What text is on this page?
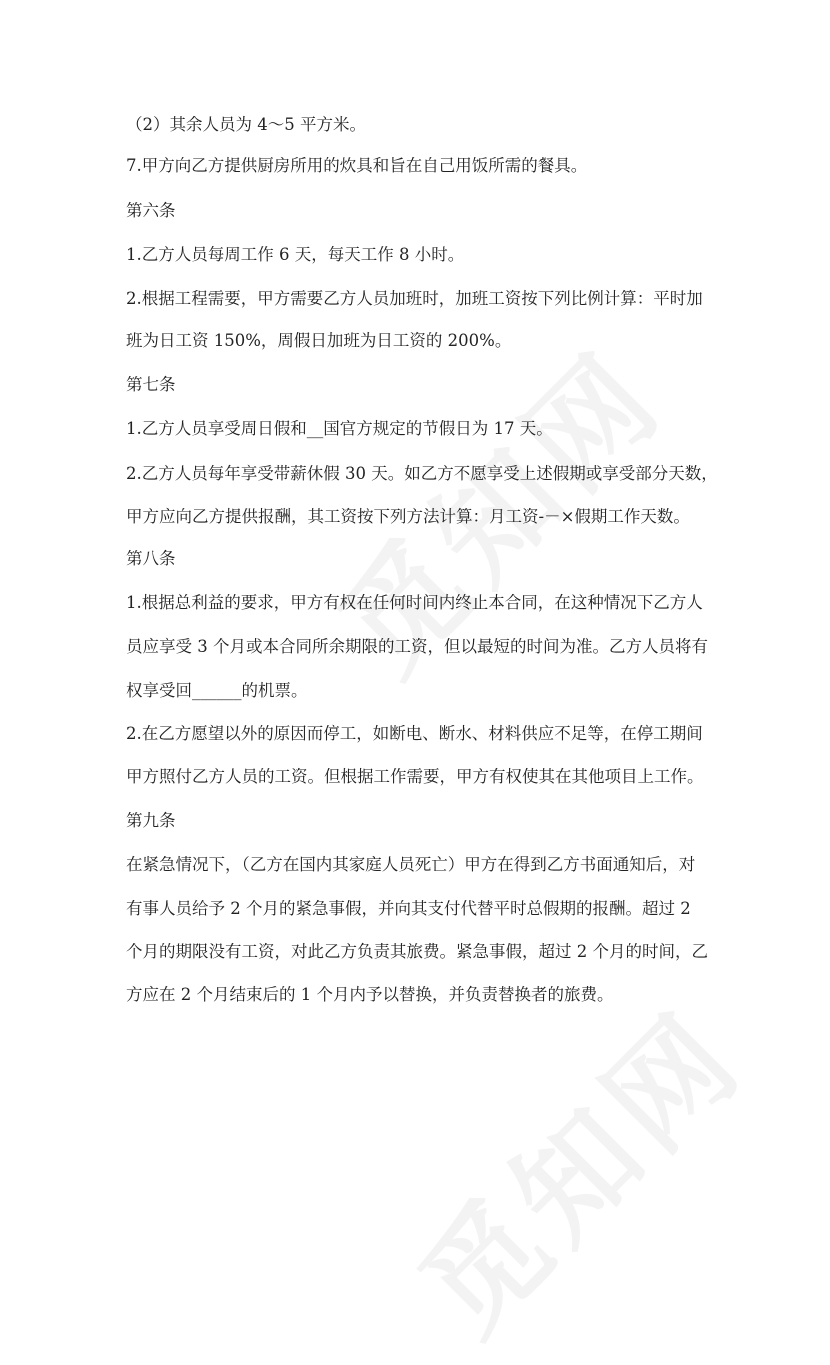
（2）其余人员为 4～5 平方米。

7.甲方向乙方提供厨房所用的炊具和旨在自己用饭所需的餐具。

第六条

1.乙方人员每周工作 6 天，每天工作 8 小时。

2.根据工程需要，甲方需要乙方人员加班时，加班工资按下列比例计算：平时加

班为日工资 150%，周假日加班为日工资的 200%。

第七条

1.乙方人员享受周日假和__国官方规定的节假日为 17 天。

2.乙方人员每年享受带薪休假 30 天。如乙方不愿享受上述假期或享受部分天数，

甲方应向乙方提供报酬，其工资按下列方法计算：月工资-－×假期工作天数。

第八条

1.根据总利益的要求，甲方有权在任何时间内终止本合同，在这种情况下乙方人

员应享受 3 个月或本合同所余期限的工资，但以最短的时间为准。乙方人员将有

权享受回______的机票。

2.在乙方愿望以外的原因而停工，如断电、断水、材料供应不足等，在停工期间

甲方照付乙方人员的工资。但根据工作需要，甲方有权使其在其他项目上工作。

第九条

在紧急情况下，（乙方在国内其家庭人员死亡）甲方在得到乙方书面通知后，对

有事人员给予 2 个月的紧急事假，并向其支付代替平时总假期的报酬。超过 2

个月的期限没有工资，对此乙方负责其旅费。紧急事假，超过 2 个月的时间，乙

方应在 2 个月结束后的 1 个月内予以替换，并负责替换者的旅费。
